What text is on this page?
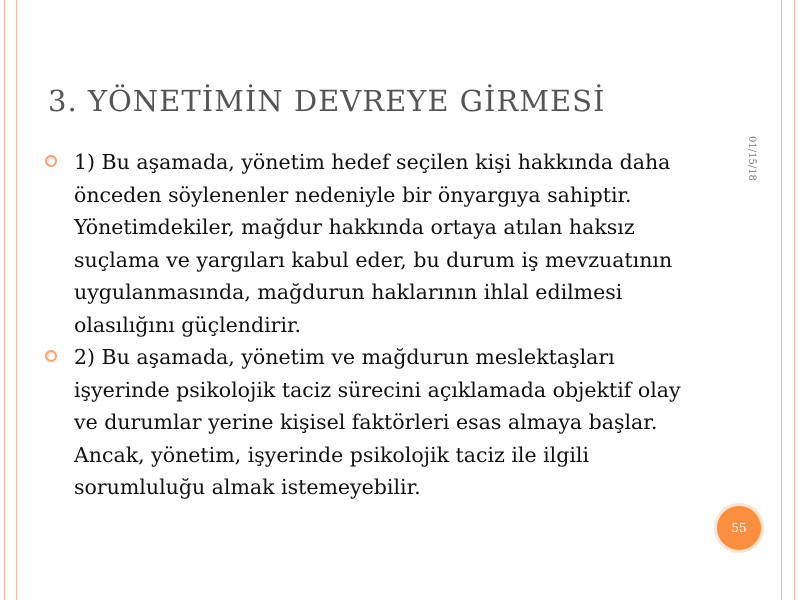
3. YÖNETİMİN DEVREYE GİRMESİ
01/15/18
1) Bu aşamada, yönetim hedef seçilen kişi hakkında daha önceden söylenenler nedeniyle bir önyargıya sahiptir. Yönetimdekiler, mağdur hakkında ortaya atılan haksız suçlama ve yargıları kabul eder, bu durum iş mevzuatının uygulanmasında, mağdurun haklarının ihlal edilmesi olasılığını güçlendirir.
2) Bu aşamada, yönetim ve mağdurun meslektaşları işyerinde psikolojik taciz sürecini açıklamada objektif olay ve durumlar yerine kişisel faktörleri esas almaya başlar. Ancak, yönetim, işyerinde psikolojik taciz ile ilgili sorumluluğu almak istemeyebilir.
55
